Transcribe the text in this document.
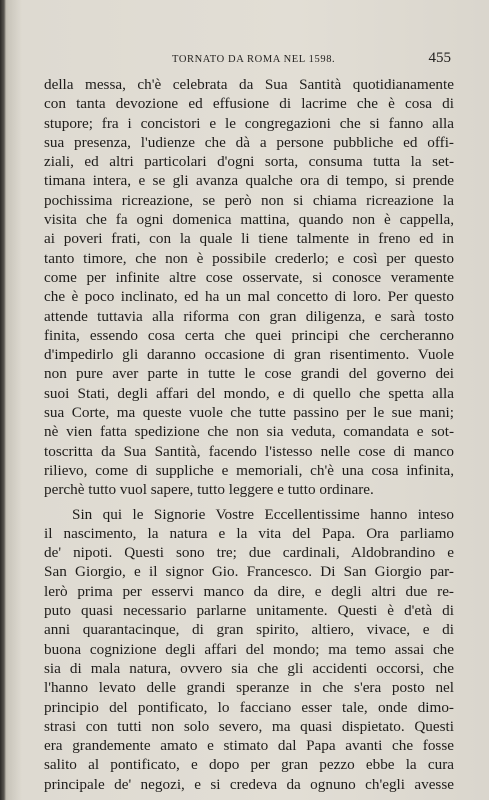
TORNATO DA ROMA NEL 1598.	455
della messa, ch'è celebrata da Sua Santità quotidianamente
con tanta devozione ed effusione di lacrime che è cosa di
stupore; fra i concistori e le congregazioni che si fanno alla
sua presenza, l'udienze che dà a persone pubbliche ed offi-
ziali, ed altri particolari d'ogni sorta, consuma tutta la set-
timana intera, e se gli avanza qualche ora di tempo, si prende
pochissima ricreazione, se però non si chiama ricreazione la
visita che fa ogni domenica mattina, quando non è cappella,
ai poveri frati, con la quale li tiene talmente in freno ed in
tanto timore, che non è possibile crederlo; e così per questo
come per infinite altre cose osservate, si conosce veramente
che è poco inclinato, ed ha un mal concetto di loro. Per questo
attende tuttavia alla riforma con gran diligenza, e sarà tosto
finita, essendo cosa certa che quei principi che cercheranno
d'impedirlo gli daranno occasione di gran risentimento. Vuole
non pure aver parte in tutte le cose grandi del governo dei
suoi Stati, degli affari del mondo, e di quello che spetta alla
sua Corte, ma queste vuole che tutte passino per le sue mani;
nè vien fatta spedizione che non sia veduta, comandata e sot-
toscritta da Sua Santità, facendo l'istesso nelle cose di manco
rilievo, come di suppliche e memoriali, ch'è una cosa infinita,
perchè tutto vuol sapere, tutto leggere e tutto ordinare.
Sin qui le Signorie Vostre Eccellentissime hanno inteso
il nascimento, la natura e la vita del Papa. Ora parliamo
de' nipoti. Questi sono tre; due cardinali, Aldobrandino e
San Giorgio, e il signor Gio. Francesco. Di San Giorgio par-
lerò prima per esservi manco da dire, e degli altri due re-
puto quasi necessario parlarne unitamente. Questi è d'età di
anni quarantacinque, di gran spirito, altiero, vivace, e di
buona cognizione degli affari del mondo; ma temo assai che
sia di mala natura, ovvero sia che gli accidenti occorsi, che
l'hanno levato delle grandi speranze in che s'era posto nel
principio del pontificato, lo facciano esser tale, onde dimo-
strasi con tutti non solo severo, ma quasi dispietato. Questi
era grandemente amato e stimato dal Papa avanti che fosse
salito al pontificato, e dopo per gran pezzo ebbe la cura
principale de' negozi, e si credeva da ognuno ch'egli avesse
